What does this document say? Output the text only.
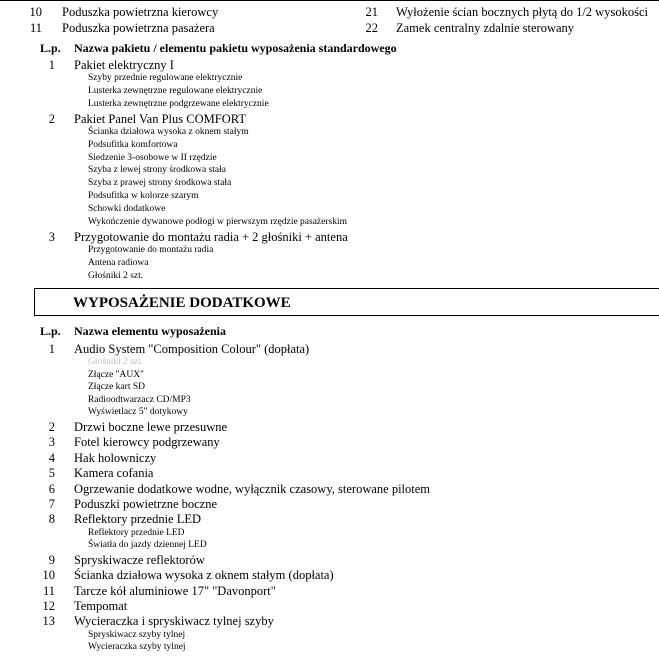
10 Poduszka powietrzna kierowcy	21 Wyłożenie ścian bocznych płytą do 1/2 wysokości
11 Poduszka powietrzna pasażera	22 Zamek centralny zdalnie sterowany
L.p. Nazwa pakietu / elementu pakietu wyposażenia standardowego
1 Pakiet elektryczny I
Szyby przednie regulowane elektrycznie
Lusterka zewnętrzne regulowane elektrycznie
Lusterka zewnętrzne podgrzewane elektrycznie
2 Pakiet Panel Van Plus COMFORT
Ścianka działowa wysoka z oknem stałym
Podsufitka komfortowa
Siedzenie 3-osobowe w II rzędzie
Szyba z lewej strony środkowa stała
Szyba z prawej strony środkowa stała
Podsufitka w kolorze szarym
Schowki dodatkowe
Wykończenie dywanowe podłogi w pierwszym rzędzie pasażerskim
3 Przygotowanie do montażu radia + 2 głośniki + antena
Przygotowanie do montażu radia
Antena radiowa
Głośniki 2 szt.
WYPOSAŻENIE DODATKOWE
L.p. Nazwa elementu wyposażenia
1 Audio System "Composition Colour" (dopłata)
Głośniki 2 szt.
Złącze "AUX"
Złącze kart SD
Radioodtwarzacz CD/MP3
Wyświetlacz 5" dotykowy
2 Drzwi boczne lewe przesuwne
3 Fotel kierowcy podgrzewany
4 Hak holowniczy
5 Kamera cofania
6 Ogrzewanie dodatkowe wodne, wyłącznik czasowy, sterowane pilotem
7 Poduszki powietrzne boczne
8 Reflektory przednie LED
Reflektory przednie LED
Światła do jazdy dziennej LED
9 Spryskiwacze reflektorów
10 Ścianka działowa wysoka z oknem stałym (dopłata)
11 Tarcze kół aluminiowe 17" "Davonport"
12 Tempomat
13 Wycieraczka i spryskiwacz tylnej szyby
Spryskiwacz szyby tylnej
Wycieraczka szyby tylnej
